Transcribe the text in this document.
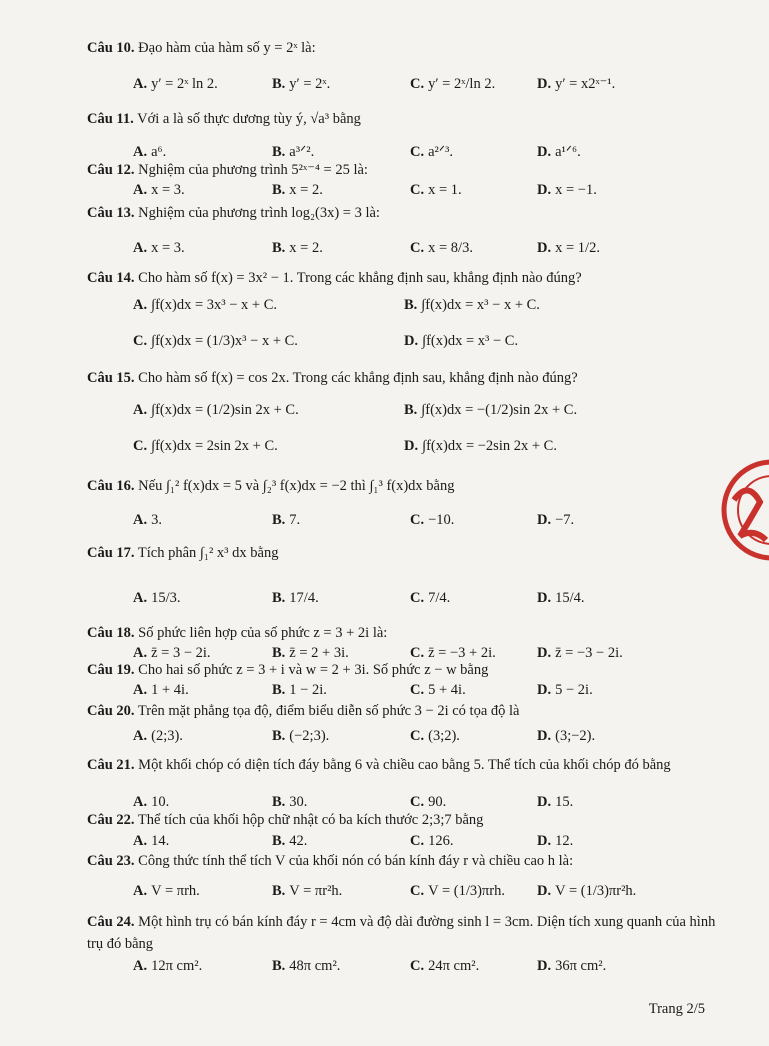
Câu 10. Đạo hàm của hàm số y = 2ˣ là:
A. y′ = 2ˣ ln 2.	B. y′ = 2ˣ.	C. y′ = 2ˣ/ln 2.	D. y′ = x2ˣ⁻¹.
Câu 11. Với a là số thực dương tùy ý, √a³ bằng
A. a⁶.	B. a³ᐟ².	C. a²ᐟ³.	D. a¹ᐟ⁶.
Câu 12. Nghiệm của phương trình 5²ˣ⁻⁴ = 25 là:
A. x = 3.	B. x = 2.	C. x = 1.	D. x = −1.
Câu 13. Nghiệm của phương trình log₂(3x) = 3 là:
A. x = 3.	B. x = 2.	C. x = 8/3.	D. x = 1/2.
Câu 14. Cho hàm số f(x) = 3x² − 1. Trong các khẳng định sau, khẳng định nào đúng?
A. ∫f(x)dx = 3x³ − x + C.	B. ∫f(x)dx = x³ − x + C.
C. ∫f(x)dx = (1/3)x³ − x + C.	D. ∫f(x)dx = x³ − C.
Câu 15. Cho hàm số f(x) = cos 2x. Trong các khẳng định sau, khẳng định nào đúng?
A. ∫f(x)dx = (1/2)sin 2x + C.	B. ∫f(x)dx = −(1/2)sin 2x + C.
C. ∫f(x)dx = 2sin 2x + C.	D. ∫f(x)dx = −2sin 2x + C.
Câu 16. Nếu ∫₁² f(x)dx = 5 và ∫₂³ f(x)dx = −2 thì ∫₁³ f(x)dx bằng
A. 3.	B. 7.	C. −10.	D. −7.
Câu 17. Tích phân ∫₁² x³ dx bằng
A. 15/3.	B. 17/4.	C. 7/4.	D. 15/4.
Câu 18. Số phức liên hợp của số phức z = 3 + 2i là:
A. z̄ = 3 − 2i.	B. z̄ = 2 + 3i.	C. z̄ = −3 + 2i.	D. z̄ = −3 − 2i.
Câu 19. Cho hai số phức z = 3 + i và w = 2 + 3i. Số phức z − w bằng
A. 1 + 4i.	B. 1 − 2i.	C. 5 + 4i.	D. 5 − 2i.
Câu 20. Trên mặt phẳng tọa độ, điểm biểu diễn số phức 3 − 2i có tọa độ là
A. (2;3).	B. (−2;3).	C. (3;2).	D. (3;−2).
Câu 21. Một khối chóp có diện tích đáy bằng 6 và chiều cao bằng 5. Thể tích của khối chóp đó bằng
A. 10.	B. 30.	C. 90.	D. 15.
Câu 22. Thể tích của khối hộp chữ nhật có ba kích thước 2;3;7 bằng
A. 14.	B. 42.	C. 126.	D. 12.
Câu 23. Công thức tính thể tích V của khối nón có bán kính đáy r và chiều cao h là:
A. V = πrh.	B. V = πr²h.	C. V = (1/3)πrh. D. V = (1/3)πr²h.
Câu 24. Một hình trụ có bán kính đáy r = 4cm và độ dài đường sinh l = 3cm. Diện tích xung quanh của hình trụ đó bằng
A. 12π cm².	B. 48π cm².	C. 24π cm².	D. 36π cm².
Trang 2/5
